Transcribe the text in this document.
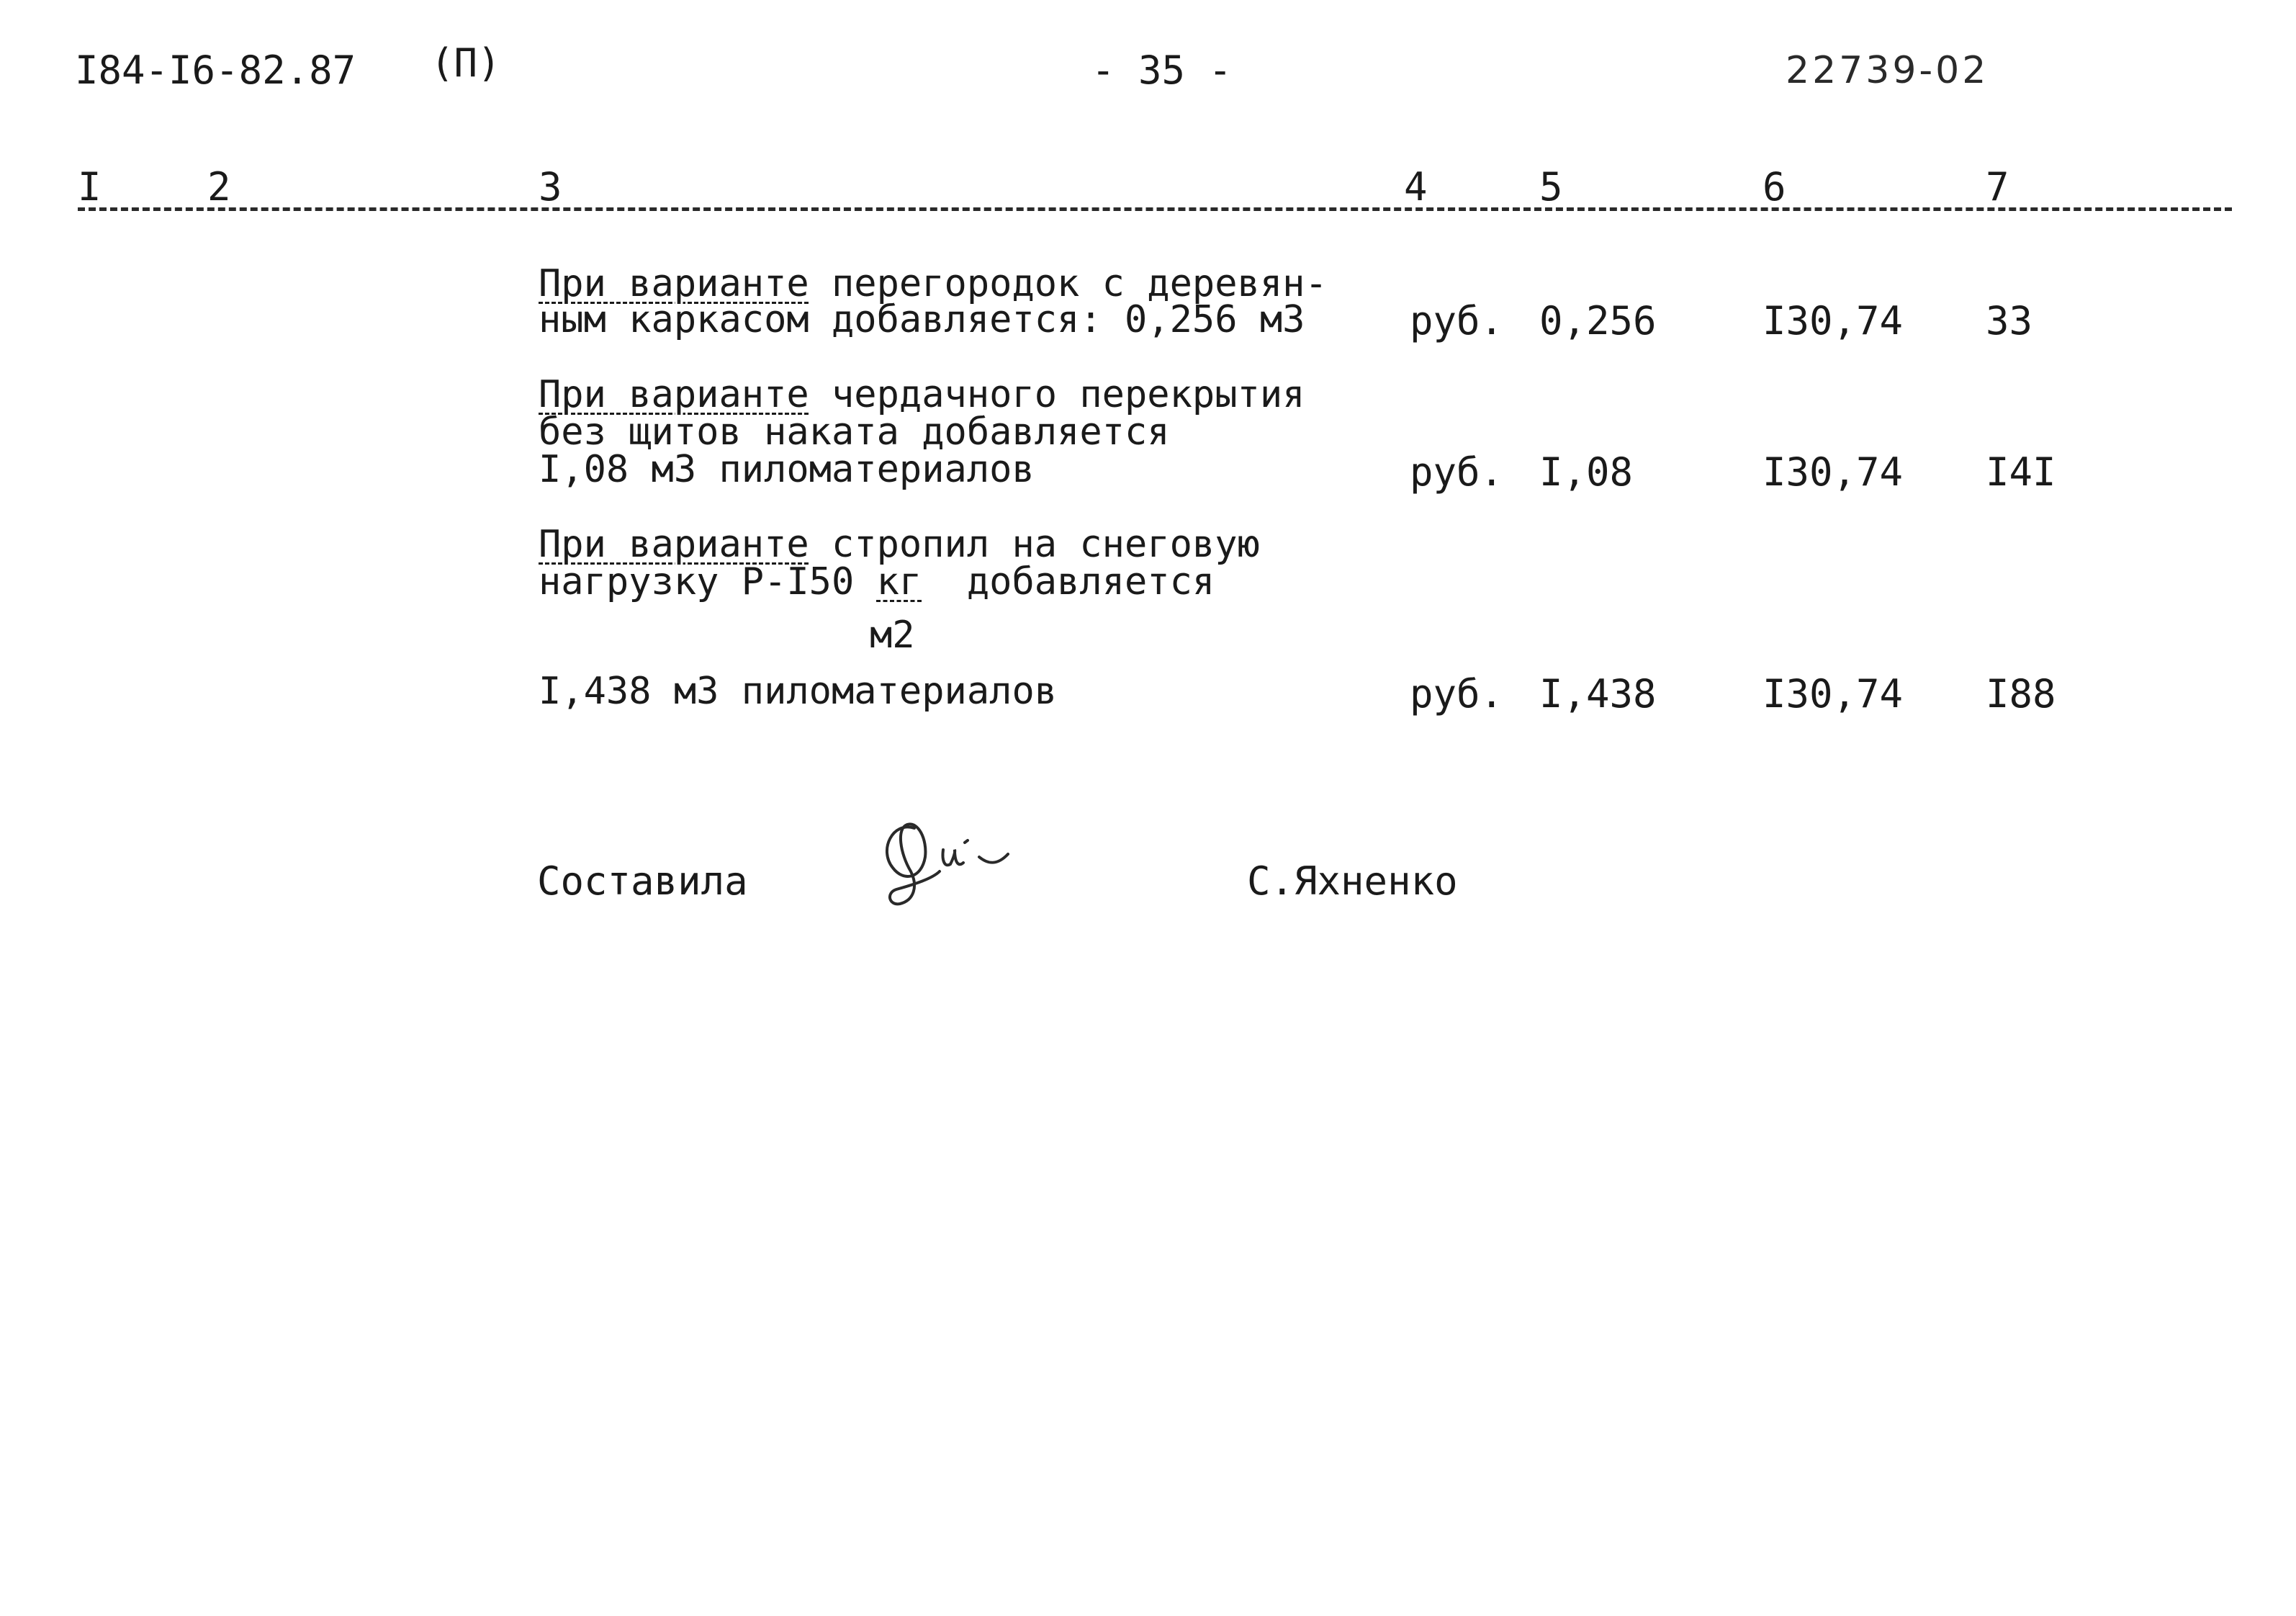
I84-I6-82.87 (П)	- 35 -	22739-02
I	2	3	4	5	6	7
При варианте перегородок с деревян-
ным каркасом добавляется: 0,256 м3	руб. 0,256	I30,74 33
При варианте чердачного перекрытия
без щитов наката добавляется
I,08 м3 пиломатериалов	руб. I,08	I30,74 I4I
При варианте стропил на снеговую
нагрузку Р-I50 кг  добавляется
м2
I,438 м3 пиломатериалов	руб. I,438	I30,74 I88
Составила	С.Яхненко
